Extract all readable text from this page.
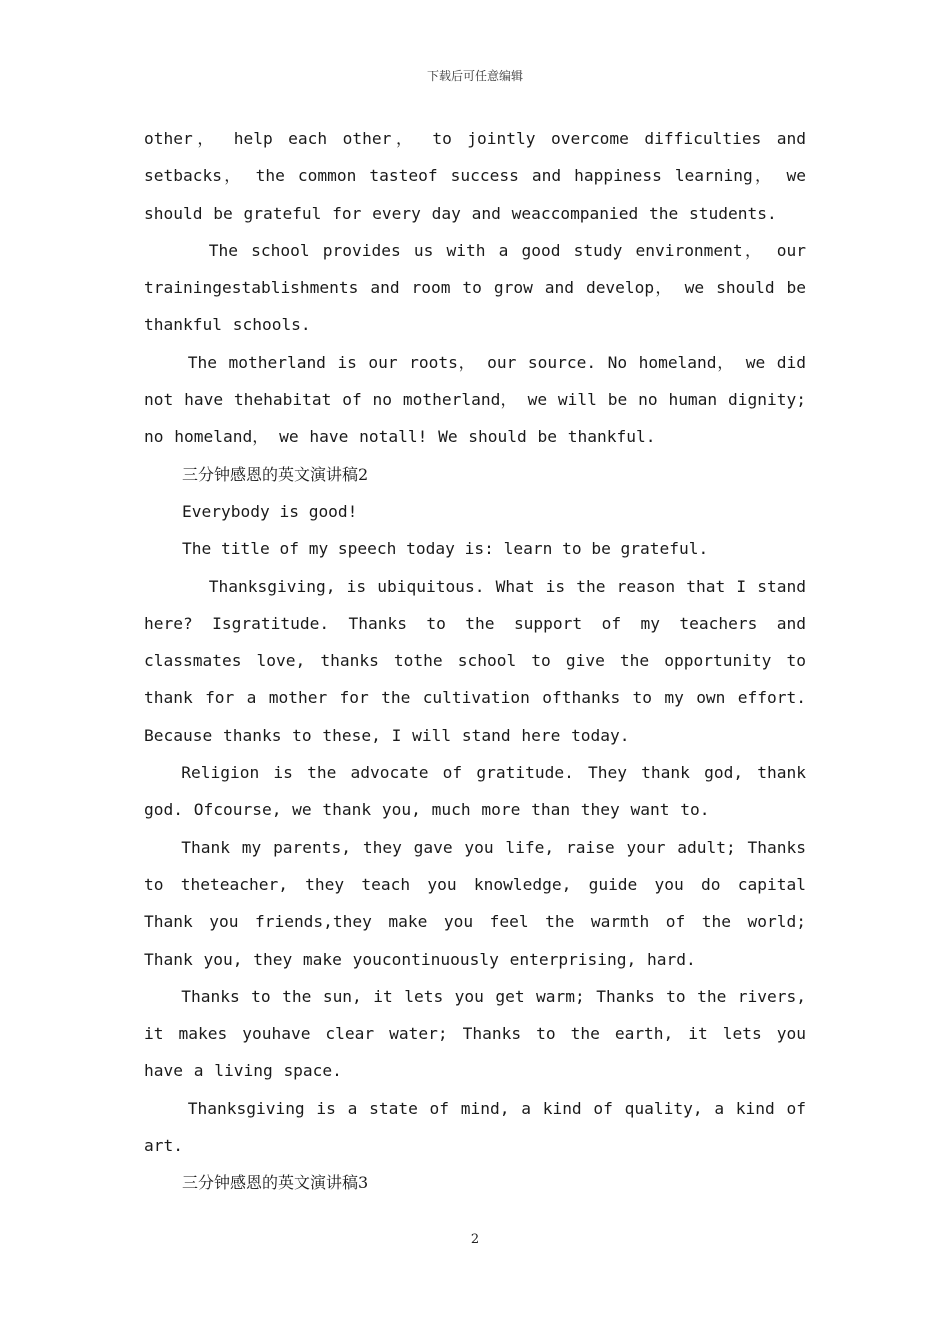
下载后可任意编辑

other， help each other， to jointly overcome difficulties and setbacks， the common tasteof success and happiness learning， we should be grateful for every day and weaccompanied the students.

The school provides us with a good study environment， our trainingestablishments and room to grow and develop， we should be thankful schools.

The motherland is our roots， our source. No homeland， we did not have thehabitat of no motherland， we will be no human dignity; no homeland， we have notall! We should be thankful.

三分钟感恩的英文演讲稿2

Everybody is good!

The title of my speech today is: learn to be grateful.

Thanksgiving, is ubiquitous. What is the reason that I stand here? Isgratitude. Thanks to the support of my teachers and classmates love, thanks tothe school to give the opportunity to thank for a mother for the cultivation ofthanks to my own effort. Because thanks to these, I will stand here today.

Religion is the advocate of gratitude. They thank god, thank god. Ofcourse, we thank you, much more than they want to.

Thank my parents, they gave you life, raise your adult; Thanks to theteacher, they teach you knowledge, guide you do capital Thank you friends,they make you feel the warmth of the world; Thank you, they make youcontinuously enterprising, hard.

Thanks to the sun, it lets you get warm; Thanks to the rivers, it makes youhave clear water; Thanks to the earth, it lets you have a living space.

Thanksgiving is a state of mind, a kind of quality, a kind of art.

三分钟感恩的英文演讲稿3

2
